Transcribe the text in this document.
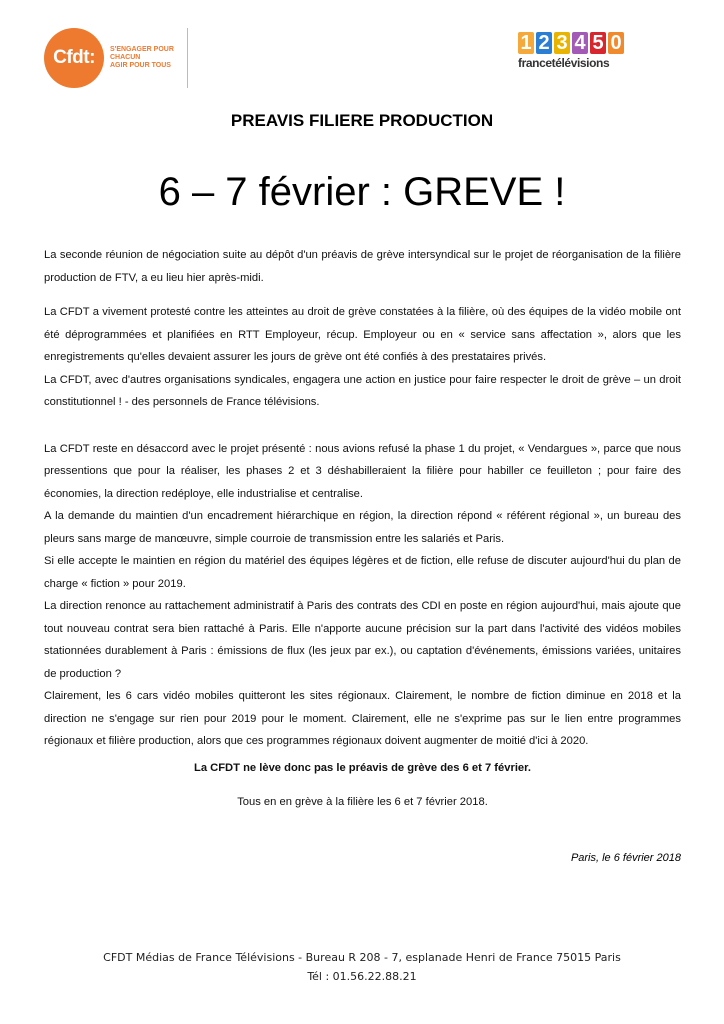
Cfdt: S'ENGAGER POUR CHACUN
AGIR POUR TOUS
1 2 3 4 5 0
francetélévisions
PREAVIS FILIERE PRODUCTION
6 – 7 février : GREVE !

La seconde réunion de négociation suite au dépôt d'un préavis de grève intersyndical sur le projet de réorganisation de la filière production de FTV, a eu lieu hier après-midi.

La CFDT a vivement protesté contre les atteintes au droit de grève constatées à la filière, où des équipes de la vidéo mobile ont été déprogrammées et planifiées en RTT Employeur, récup. Employeur ou en « service sans affectation », alors que les enregistrements qu'elles devaient assurer les jours de grève ont été confiés à des prestataires privés.

La CFDT, avec d'autres organisations syndicales, engagera une action en justice pour faire respecter le droit de grève – un droit constitutionnel ! - des personnels de France télévisions.

La CFDT reste en désaccord avec le projet présenté : nous avions refusé la phase 1 du projet, « Vendargues », parce que nous pressentions que pour la réaliser, les phases 2 et 3 déshabilleraient la filière pour habiller ce feuilleton ; pour faire des économies, la direction redéploye, elle industrialise et centralise.

A la demande du maintien d'un encadrement hiérarchique en région, la direction répond « référent régional », un bureau des pleurs sans marge de manœuvre, simple courroie de transmission entre les salariés et Paris.

Si elle accepte le maintien en région du matériel des équipes légères et de fiction, elle refuse de discuter aujourd'hui du plan de charge « fiction » pour 2019.

La direction renonce au rattachement administratif à Paris des contrats des CDI en poste en région aujourd'hui, mais ajoute que tout nouveau contrat sera bien rattaché à Paris. Elle n'apporte aucune précision sur la part dans l'activité des vidéos mobiles stationnées durablement à Paris : émissions de flux (les jeux par ex.), ou captation d'événements, émissions variées, unitaires de production ?

Clairement, les 6 cars vidéo mobiles quitteront les sites régionaux. Clairement, le nombre de fiction diminue en 2018 et la direction ne s'engage sur rien pour 2019 pour le moment. Clairement, elle ne s'exprime pas sur le lien entre programmes régionaux et filière production, alors que ces programmes régionaux doivent augmenter de moitié d'ici à 2020.

La CFDT ne lève donc pas le préavis de grève des 6 et 7 février.

Tous en en grève à la filière les 6 et 7 février 2018.

Paris, le 6 février 2018
CFDT Médias de France Télévisions - Bureau R 208 - 7, esplanade Henri de France 75015 Paris
Tél : 01.56.22.88.21
